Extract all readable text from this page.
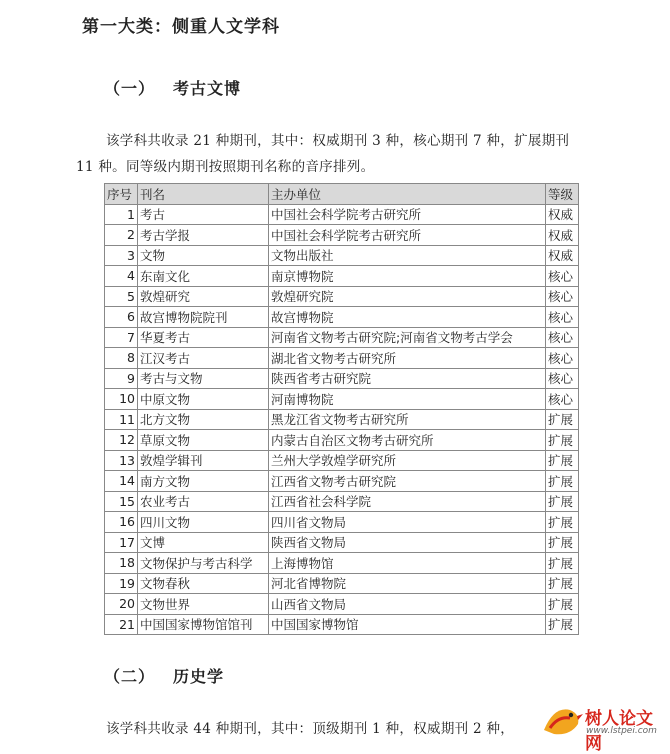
第一大类：侧重人文学科
（一） 考古文博
该学科共收录 21 种期刊，其中：权威期刊 3 种，核心期刊 7 种，扩展期刊
11 种。同等级内期刊按照期刊名称的音序排列。
序号	刊名	主办单位	等级
1	考古	中国社会科学院考古研究所	权威
2	考古学报	中国社会科学院考古研究所	权威
3	文物	文物出版社	权威
4	东南文化	南京博物院	核心
5	敦煌研究	敦煌研究院	核心
6	故宫博物院院刊	故宫博物院	核心
7	华夏考古	河南省文物考古研究院;河南省文物考古学会	核心
8	江汉考古	湖北省文物考古研究所	核心
9	考古与文物	陕西省考古研究院	核心
10	中原文物	河南博物院	核心
11	北方文物	黑龙江省文物考古研究所	扩展
12	草原文物	内蒙古自治区文物考古研究所	扩展
13	敦煌学辑刊	兰州大学敦煌学研究所	扩展
14	南方文物	江西省文物考古研究院	扩展
15	农业考古	江西省社会科学院	扩展
16	四川文物	四川省文物局	扩展
17	文博	陕西省文物局	扩展
18	文物保护与考古科学	上海博物馆	扩展
19	文物春秋	河北省博物院	扩展
20	文物世界	山西省文物局	扩展
21	中国国家博物馆馆刊	中国国家博物馆	扩展
（二） 历史学
该学科共收录 44 种期刊，其中：顶级期刊 1 种，权威期刊 2 种，	树人论文网
www.lstpei.com
